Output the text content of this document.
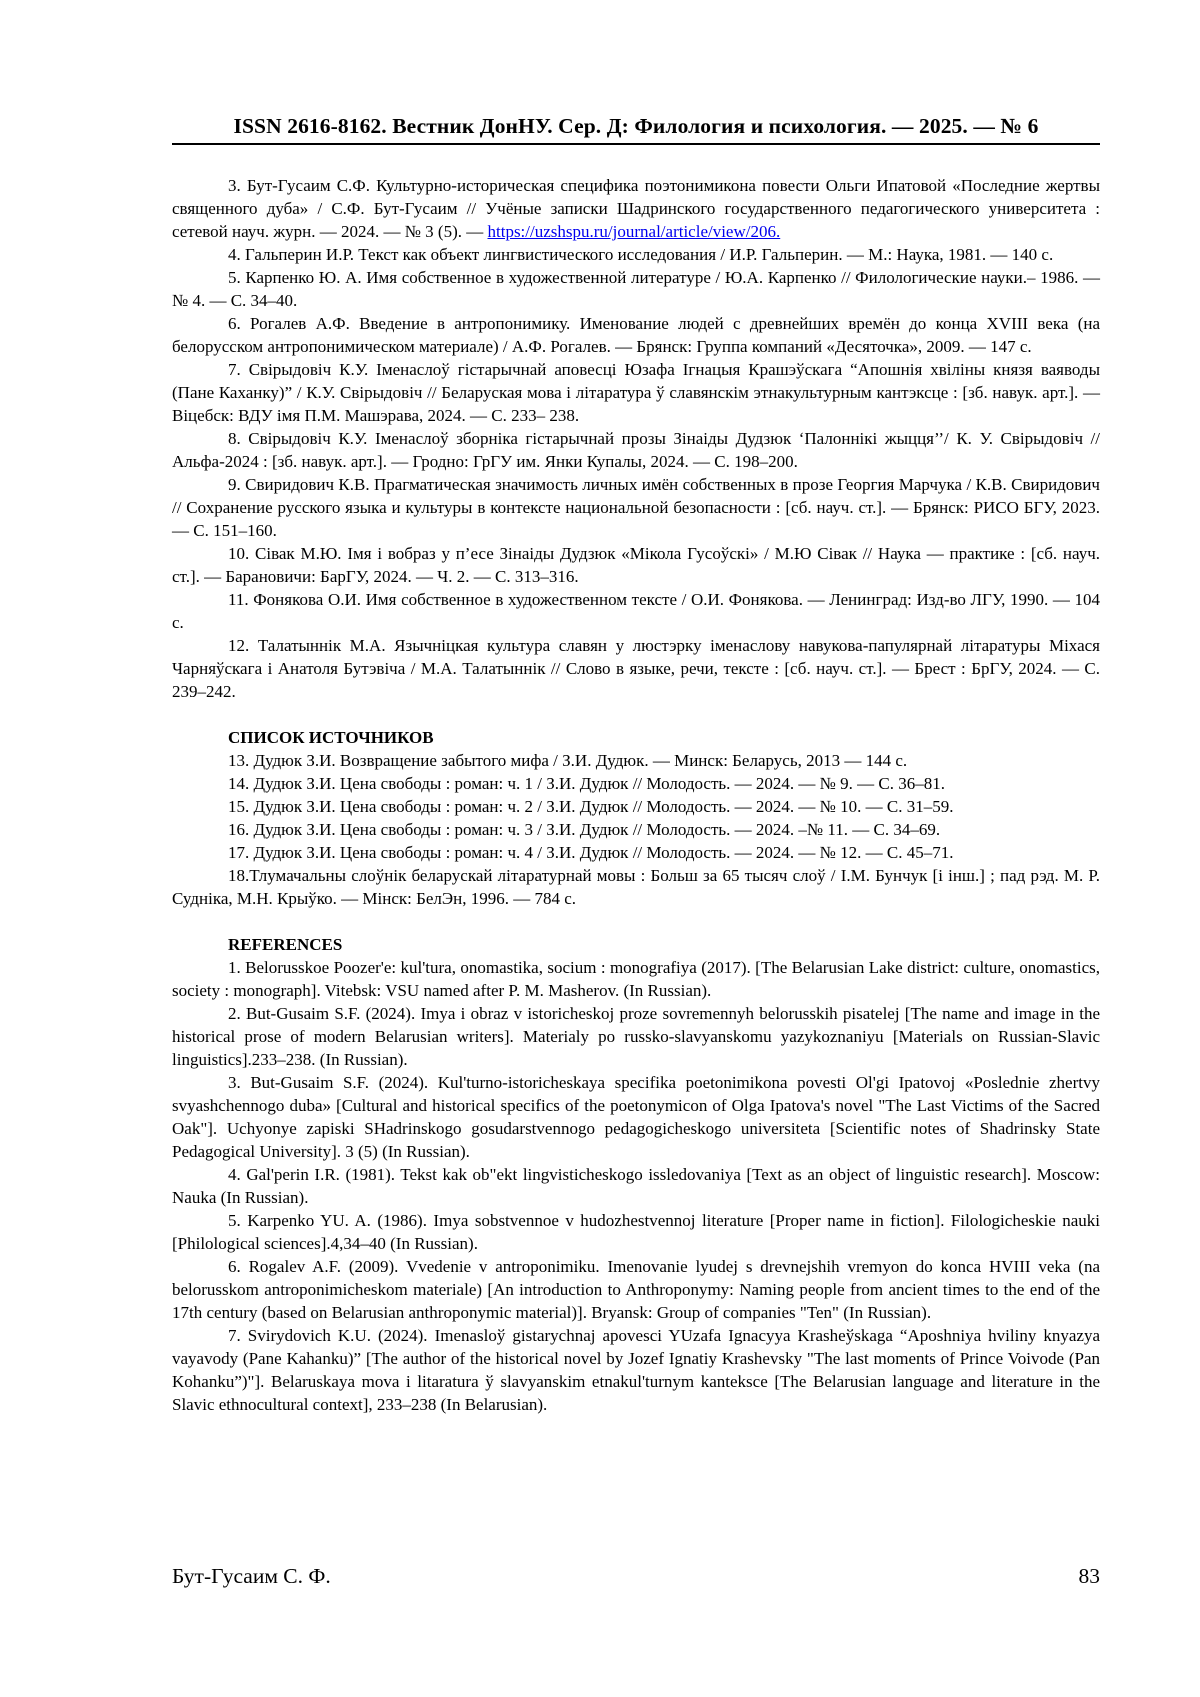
ISSN 2616-8162. Вестник ДонНУ. Сер. Д: Филология и психология. — 2025. — № 6

3. Бут-Гусаим С.Ф. Культурно-историческая специфика поэтонимикона повести Ольги Ипатовой «Последние жертвы священного дуба» / С.Ф. Бут-Гусаим // Учёные записки Шадринского государственного педагогического университета : сетевой науч. журн. — 2024. — № 3 (5). — https://uzshspu.ru/journal/article/view/206.

4. Гальперин И.Р. Текст как объект лингвистического исследования / И.Р. Гальперин. — М.: Наука, 1981. — 140 с.

5. Карпенко Ю. А. Имя собственное в художественной литературе / Ю.А. Карпенко // Филологические науки.– 1986. — № 4. — С. 34–40.

6. Рогалев А.Ф. Введение в антропонимику. Именование людей с древнейших времён до конца XVIII века (на белорусском антропонимическом материале) / А.Ф. Рогалев. — Брянск: Группа компаний «Десяточка», 2009. — 147 с.

7. Свірыдовіч К.У. Іменаслоў гістарычнай аповесці Юзафа Ігнацыя Крашэўскага “Апошнія хвіліны князя ваяводы (Пане Каханку)” / К.У. Свірыдовіч // Беларуская мова і літаратура ў славянскім этнакультурным кантэксце : [зб. навук. арт.]. — Віцебск: ВДУ імя П.М. Машэрава, 2024. — С. 233– 238.

8. Свірыдовіч К.У. Іменаслоў зборніка гістарычнай прозы Зінаіды Дудзюк ‘Палоннікі жыцця’’/ К. У. Свірыдовіч // Альфа-2024 : [зб. навук. арт.]. — Гродно: ГрГУ им. Янки Купалы, 2024. — С. 198–200.

9. Свиридович К.В. Прагматическая значимость личных имён собственных в прозе Георгия Марчука / К.В. Свиридович // Сохранение русского языка и культуры в контексте национальной безопасности : [сб. науч. ст.]. — Брянск: РИСО БГУ, 2023. — С. 151–160.

10. Сівак М.Ю. Імя і вобраз у п’есе Зінаіды Дудзюк «Мікола Гусоўскі» / М.Ю Сівак // Наука — практике : [сб. науч. ст.]. — Барановичи: БарГУ, 2024. — Ч. 2. — С. 313–316.

11. Фонякова О.И. Имя собственное в художественном тексте / О.И. Фонякова. — Ленинград: Изд-во ЛГУ, 1990. — 104 с.

12. Талатыннік М.А. Язычніцкая культура славян у люстэрку іменаслову навукова-папулярнай літаратуры Міхася Чарняўскага і Анатоля Бутэвіча / М.А. Талатыннік // Слово в языке, речи, тексте : [сб. науч. ст.]. — Брест : БрГУ, 2024. — С. 239–242.

СПИСОК ИСТОЧНИКОВ

13. Дудюк З.И. Возвращение забытого мифа / З.И. Дудюк. — Минск: Беларусь, 2013 — 144 с.

14. Дудюк З.И. Цена свободы : роман: ч. 1 / З.И. Дудюк // Молодость. — 2024. — № 9. — С. 36–81.

15. Дудюк З.И. Цена свободы : роман: ч. 2 / З.И. Дудюк // Молодость. — 2024. — № 10. — С. 31–59.

16. Дудюк З.И. Цена свободы : роман: ч. 3 / З.И. Дудюк // Молодость. — 2024. –№ 11. — С. 34–69.

17. Дудюк З.И. Цена свободы : роман: ч. 4 / З.И. Дудюк // Молодость. — 2024. — № 12. — С. 45–71.

18.Тлумачальны слоўнік беларускай літаратурнай мовы : Больш за 65 тысяч слоў / І.М. Бунчук [і інш.] ; пад рэд. М. Р. Судніка, М.Н. Крыўко. — Мінск: БелЭн, 1996. — 784 с.

REFERENCES

1. Belorusskoe Poozer'e: kul'tura, onomastika, socium : monografiya (2017). [The Belarusian Lake district: culture, onomastics, society : monograph]. Vitebsk: VSU named after P. M. Masherov. (In Russian).

2. But-Gusaim S.F. (2024). Imya i obraz v istoricheskoj proze sovremennyh belorusskih pisatelej [The name and image in the historical prose of modern Belarusian writers]. Materialy po russko-slavyanskomu yazykoznaniyu [Materials on Russian-Slavic linguistics].233–238. (In Russian).

3. But-Gusaim S.F. (2024). Kul'turno-istoricheskaya specifika poetonimikona povesti Ol'gi Ipatovoj «Poslednie zhertvy svyashchennogo duba» [Cultural and historical specifics of the poetonymicon of Olga Ipatova's novel "The Last Victims of the Sacred Oak"]. Uchyonye zapiski SHadrinskogo gosudarstvennogo pedagogicheskogo universiteta [Scientific notes of Shadrinsky State Pedagogical University]. 3 (5) (In Russian).

4. Gal'perin I.R. (1981). Tekst kak ob"ekt lingvisticheskogo issledovaniya [Text as an object of linguistic research]. Moscow: Nauka (In Russian).

5. Karpenko YU. A. (1986). Imya sobstvennoe v hudozhestvennoj literature [Proper name in fiction]. Filologicheskie nauki [Philological sciences].4,34–40 (In Russian).

6. Rogalev A.F. (2009). Vvedenie v antroponimiku. Imenovanie lyudej s drevnejshih vremyon do konca HVIII veka (na belorusskom antroponimicheskom materiale) [An introduction to Anthroponymy: Naming people from ancient times to the end of the 17th century (based on Belarusian anthroponymic material)]. Bryansk: Group of companies "Ten" (In Russian).

7. Svirydovich K.U. (2024). Imenasloў gistarychnaj apovesci YUzafa Ignacyya Krasheўskaga “Aposhniya hviliny knyazya vayavody (Pane Kahanku)” [The author of the historical novel by Jozef Ignatiy Krashevsky "The last moments of Prince Voivode (Pan Kohanku”)"]. Belaruskaya mova i litaratura ў slavyanskim etnakul'turnym kantekscе [The Belarusian language and literature in the Slavic ethnocultural context], 233–238 (In Belarusian).

Бут-Гусаим С. Ф.	83
